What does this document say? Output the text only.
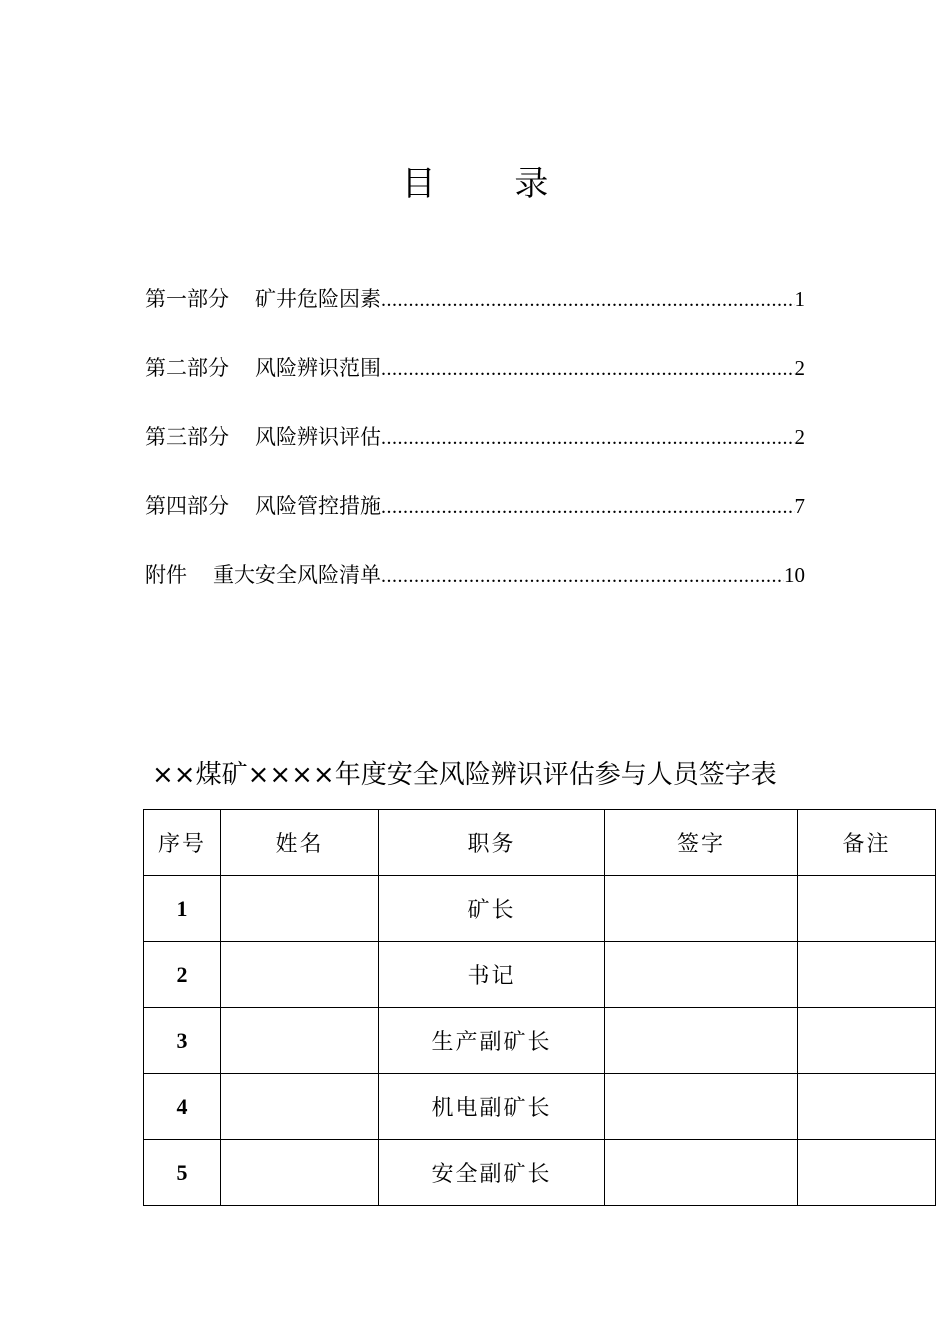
目 录
第一部分 矿井危险因素 .....	1
第二部分 风险辨识范围 .....	2
第三部分 风险辨识评估 .....	2
第四部分 风险管控措施 .....	7
附件 重大安全风险清单 .....	10
××煤矿××××年度安全风险辨识评估参与人员签字表
序号	姓名	职务	签字	备注
1		矿长		
2		书记		
3		生产副矿长		
4		机电副矿长		
5		安全副矿长		
